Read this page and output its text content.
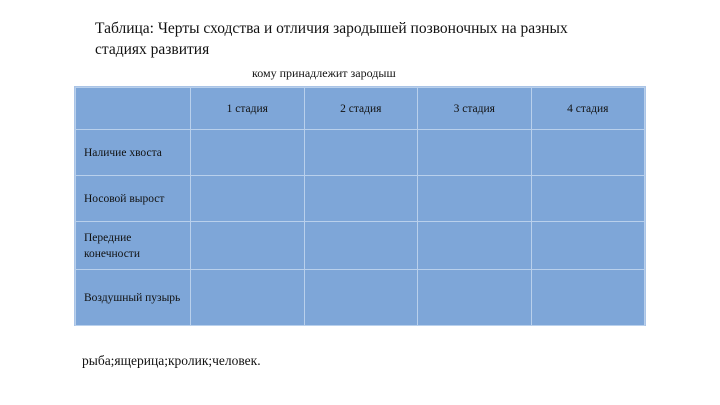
Таблица: Черты сходства и отличия зародышей позвоночных на разных
стадиях развития
кому принадлежит зародыш
	1 стадия	2 стадия	3 стадия	4 стадия
Наличие хвоста				
Носовой вырост				
Передние конечности				
Воздушный пузырь				
рыба;ящерица;кролик;человек.
